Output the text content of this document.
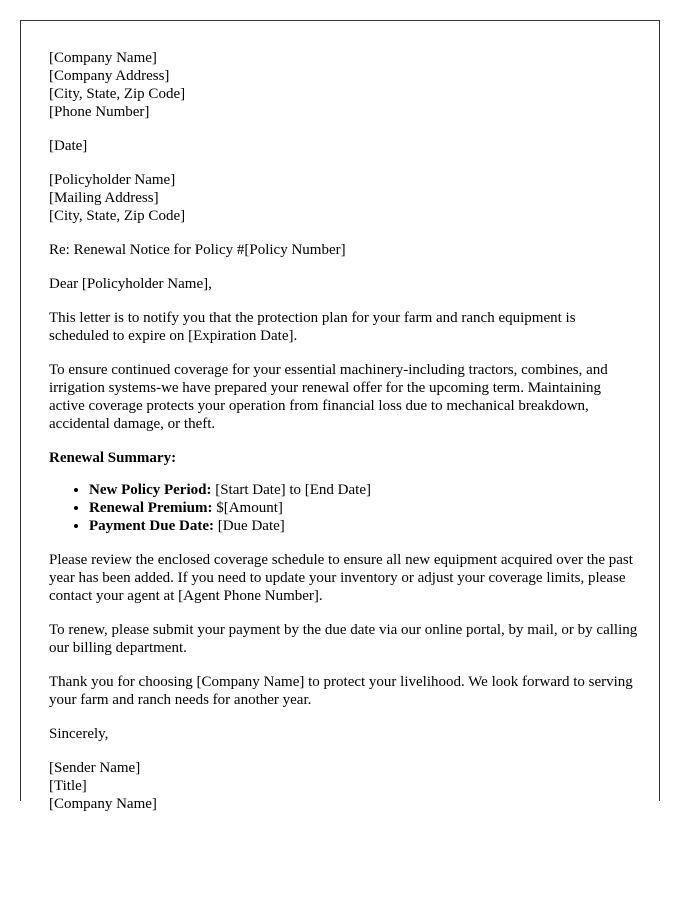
[Company Name]
[Company Address]
[City, State, Zip Code]
[Phone Number]

[Date]

[Policyholder Name]
[Mailing Address]
[City, State, Zip Code]

Re: Renewal Notice for Policy #[Policy Number]

Dear [Policyholder Name],

This letter is to notify you that the protection plan for your farm and ranch equipment is scheduled to expire on [Expiration Date].

To ensure continued coverage for your essential machinery-including tractors, combines, and irrigation systems-we have prepared your renewal offer for the upcoming term. Maintaining active coverage protects your operation from financial loss due to mechanical breakdown, accidental damage, or theft.

Renewal Summary:
• New Policy Period: [Start Date] to [End Date]
• Renewal Premium: $[Amount]
• Payment Due Date: [Due Date]

Please review the enclosed coverage schedule to ensure all new equipment acquired over the past year has been added. If you need to update your inventory or adjust your coverage limits, please contact your agent at [Agent Phone Number].

To renew, please submit your payment by the due date via our online portal, by mail, or by calling our billing department.

Thank you for choosing [Company Name] to protect your livelihood. We look forward to serving your farm and ranch needs for another year.

Sincerely,

[Sender Name]
[Title]
[Company Name]
